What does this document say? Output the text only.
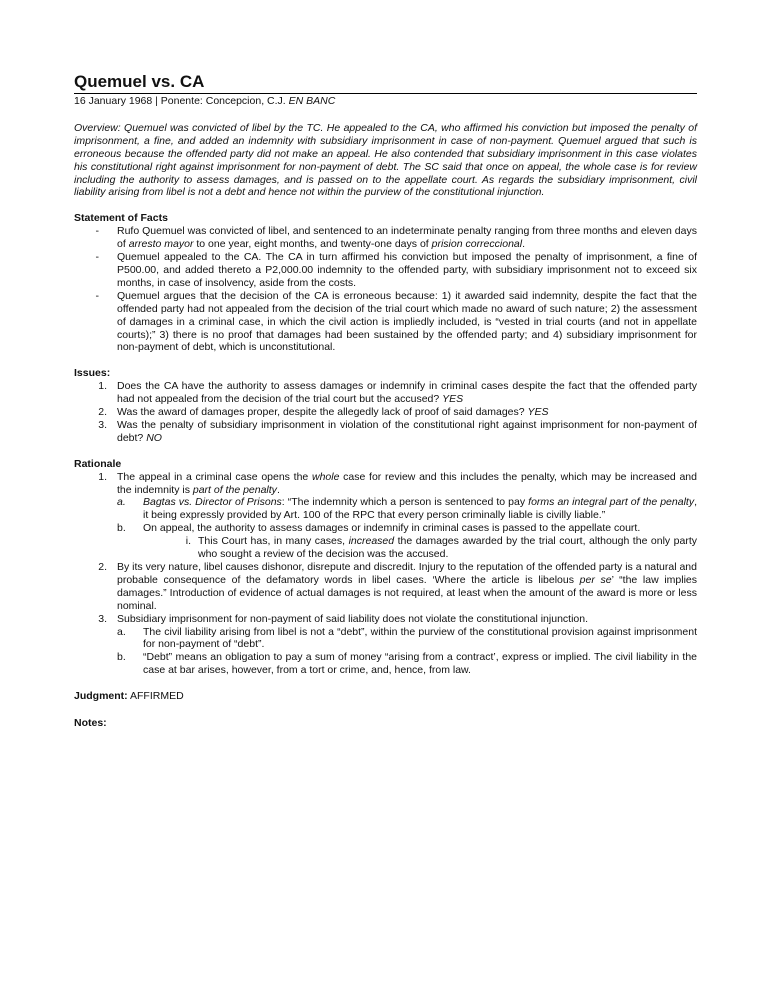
Quemuel vs. CA
16 January 1968 | Ponente: Concepcion, C.J. EN BANC
Overview: Quemuel was convicted of libel by the TC. He appealed to the CA, who affirmed his conviction but imposed the penalty of imprisonment, a fine, and added an indemnity with subsidiary imprisonment in case of non-payment. Quemuel argued that such is erroneous because the offended party did not make an appeal. He also contended that subsidiary imprisonment in this case violates his constitutional right against imprisonment for non-payment of debt. The SC said that once on appeal, the whole case is for review including the authority to assess damages, and is passed on to the appellate court. As regards the subsidiary imprisonment, civil liability arising from libel is not a debt and hence not within the purview of the constitutional injunction.
Statement of Facts
-	Rufo Quemuel was convicted of libel, and sentenced to an indeterminate penalty ranging from three months and eleven days of arresto mayor to one year, eight months, and twenty-one days of prision correccional.
-	Quemuel appealed to the CA. The CA in turn affirmed his conviction but imposed the penalty of imprisonment, a fine of P500.00, and added thereto a P2,000.00 indemnity to the offended party, with subsidiary imprisonment not to exceed six months, in case of insolvency, aside from the costs.
-	Quemuel argues that the decision of the CA is erroneous because: 1) it awarded said indemnity, despite the fact that the offended party had not appealed from the decision of the trial court which made no award of such nature; 2) the assessment of damages in a criminal case, in which the civil action is impliedly included, is “vested in trial courts (and not in appellate courts);” 3) there is no proof that damages had been sustained by the offended party; and 4) subsidiary imprisonment for non-payment of debt, which is unconstitutional.
Issues:
1. Does the CA have the authority to assess damages or indemnify in criminal cases despite the fact that the offended party had not appealed from the decision of the trial court but the accused? YES
2. Was the award of damages proper, despite the allegedly lack of proof of said damages? YES
3. Was the penalty of subsidiary imprisonment in violation of the constitutional right against imprisonment for non-payment of debt? NO
Rationale
1. The appeal in a criminal case opens the whole case for review and this includes the penalty, which may be increased and the indemnity is part of the penalty.
a.	Bagtas vs. Director of Prisons: “The indemnity which a person is sentenced to pay forms an integral part of the penalty, it being expressly provided by Art. 100 of the RPC that every person criminally liable is civilly liable.”
b.	On appeal, the authority to assess damages or indemnify in criminal cases is passed to the appellate court.
i. This Court has, in many cases, increased the damages awarded by the trial court, although the only party who sought a review of the decision was the accused.
2. By its very nature, libel causes dishonor, disrepute and discredit. Injury to the reputation of the offended party is a natural and probable consequence of the defamatory words in libel cases. ‘Where the article is libelous per se’ “the law implies damages.” Introduction of evidence of actual damages is not required, at least when the amount of the award is more or less nominal.
3. Subsidiary imprisonment for non-payment of said liability does not violate the constitutional injunction.
a.	The civil liability arising from libel is not a “debt”, within the purview of the constitutional provision against imprisonment for non-payment of “debt”.
b.	“Debt” means an obligation to pay a sum of money “arising from a contract’, express or implied. The civil liability in the case at bar arises, however, from a tort or crime, and, hence, from law.
Judgment: AFFIRMED
Notes:
